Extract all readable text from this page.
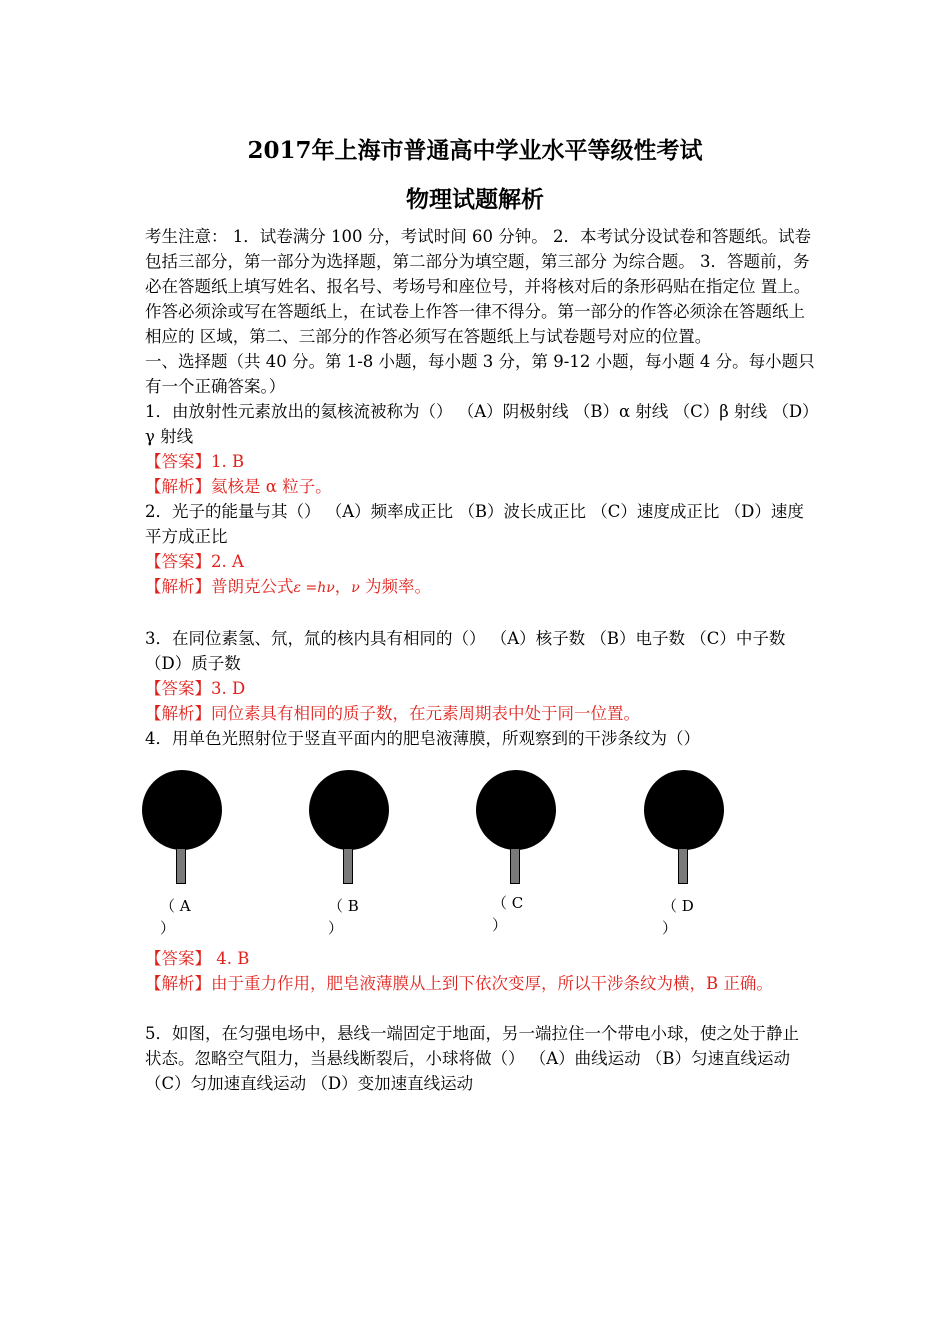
2017年上海市普通高中学业水平等级性考试
物理试题解析

考生注意： 1．试卷满分 100 分，考试时间 60 分钟。 2．本考试分设试卷和答题纸。试卷包括三部分，第一部分为选择题，第二部分为填空题，第三部分 为综合题。 3．答题前，务必在答题纸上填写姓名、报名号、考场号和座位号，并将核对后的条形码贴在指定位 置上。作答必须涂或写在答题纸上，在试卷上作答一律不得分。第一部分的作答必须涂在答题纸上相应的 区域，第二、三部分的作答必须写在答题纸上与试卷题号对应的位置。

一、选择题（共 40 分。第 1-8 小题，每小题 3 分，第 9-12 小题，每小题 4 分。每小题只有一个正确答案。）

1．由放射性元素放出的氦核流被称为（） （A）阴极射线 （B）α 射线 （C）β 射线 （D）γ 射线

【答案】1. B

【解析】氦核是 α 粒子。

2．光子的能量与其（） （A）频率成正比 （B）波长成正比 （C）速度成正比 （D）速度平方成正比

【答案】2. A

【解析】普朗克公式ε =hν，ν 为频率。

3．在同位素氢、氘，氚的核内具有相同的（） （A）核子数 （B）电子数 （C）中子数 （D）质子数

【答案】3. D

【解析】同位素具有相同的质子数，在元素周期表中处于同一位置。

4．用单色光照射位于竖直平面内的肥皂液薄膜，所观察到的干涉条纹为（）

（ A
）
（ B
）
（ C
）
（ D
）

【答案】 4. B

【解析】由于重力作用，肥皂液薄膜从上到下依次变厚，所以干涉条纹为横，B 正确。

5．如图，在匀强电场中，悬线一端固定于地面，另一端拉住一个带电小球，使之处于静止状态。忽略空气阻力，当悬线断裂后，小球将做（） （A）曲线运动 （B）匀速直线运动 （C）匀加速直线运动 （D）变加速直线运动
